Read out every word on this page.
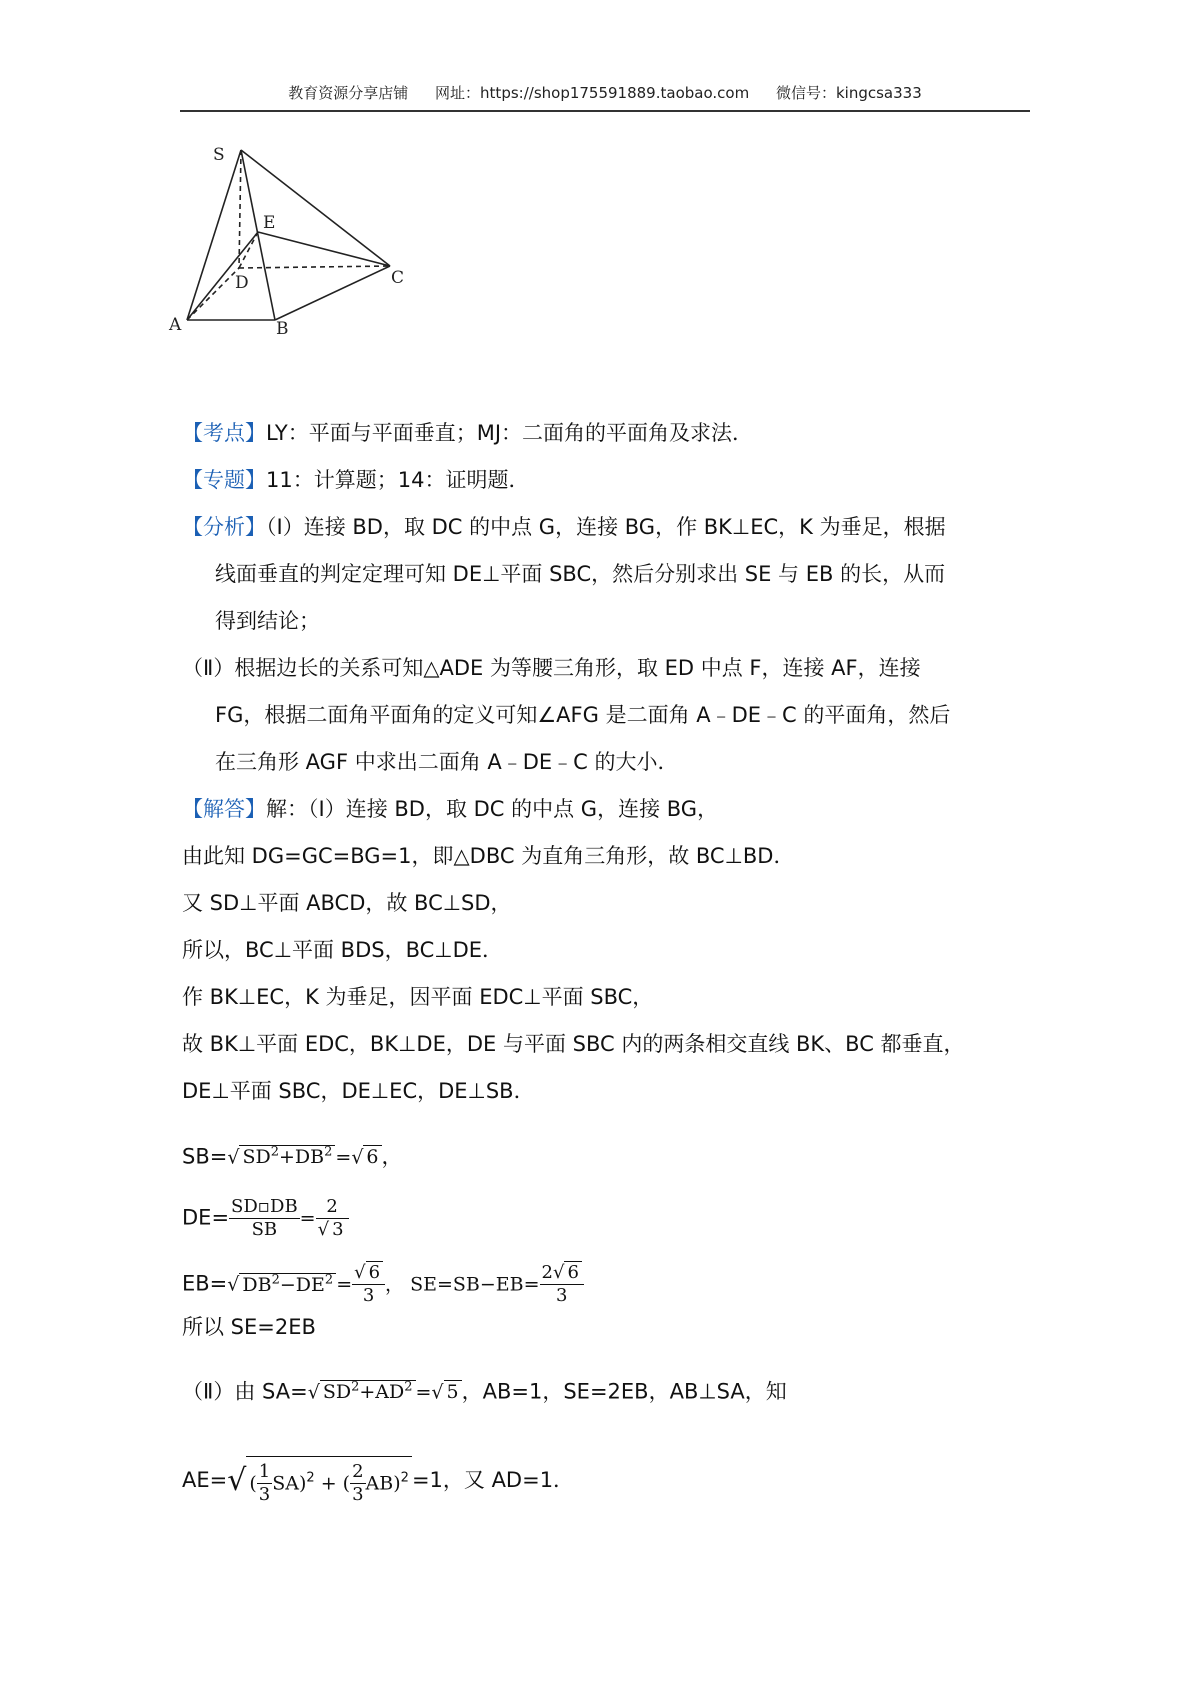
教育资源分享店铺 网址：https://shop175591889.taobao.com 微信号：kingcsa333
S
E
D	C
A	B
【考点】LY：平面与平面垂直；MJ：二面角的平面角及求法．
【专题】11：计算题；14：证明题．
【分析】（Ⅰ）连接 BD，取 DC 的中点 G，连接 BG，作 BK⊥EC，K 为垂足，根据
线面垂直的判定定理可知 DE⊥平面 SBC，然后分别求出 SE 与 EB 的长，从而
得到结论；
（Ⅱ）根据边长的关系可知△ADE 为等腰三角形，取 ED 中点 F，连接 AF，连接
FG，根据二面角平面角的定义可知∠AFG 是二面角 A﹣DE﹣C 的平面角，然后
在三角形 AGF 中求出二面角 A﹣DE﹣C 的大小．
【解答】解：（Ⅰ）连接 BD，取 DC 的中点 G，连接 BG，
由此知 DG=GC=BG=1，即△DBC 为直角三角形，故 BC⊥BD．
又 SD⊥平面 ABCD，故 BC⊥SD，
所以，BC⊥平面 BDS，BC⊥DE．
作 BK⊥EC，K 为垂足，因平面 EDC⊥平面 SBC，
故 BK⊥平面 EDC，BK⊥DE，DE 与平面 SBC 内的两条相交直线 BK、BC 都垂直，
DE⊥平面 SBC，DE⊥EC，DE⊥SB．
SB=√ $SD^2+DB^2$ =√ 6 ，
$DE= \frac{SD▫DB}{SB} = \frac{2}{√ 3}$
EB=√ $DB^2-DE^2 = \frac{√ 6}{3}$ ， $SE=SB-EB= \frac{2√ 6}{3}$
所以 SE=2EB
（Ⅱ）由 SA=√ $SD^2+AD^2$ =√ 5 ，AB=1，SE=2EB，AB⊥SA，知
AE=√ ( $\frac{1}{3} SA)^2$ + ( $\frac{2}{3} AB)^2 =1$，又 AD=1．
